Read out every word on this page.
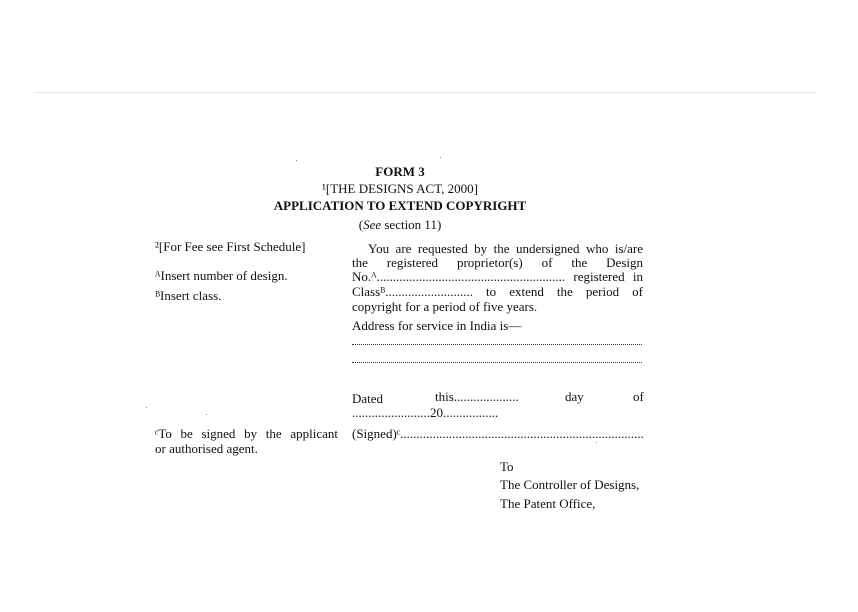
FORM 3
¹[THE DESIGNS ACT, 2000]
APPLICATION TO EXTEND COPYRIGHT
(See section 11)
²[For Fee see First Schedule]
ᴬInsert number of design.
ᴮInsert class.
ᶜTo be signed by the applicant
or authorised agent.
You are requested by the undersigned who is/are
the registered proprietor(s) of the Design
No.ᴬ.......................................................... registered in
Classᴮ........................... to extend the period of
copyright for a period of five years.
Address for service in India is—
Dated	this....................	day	of
........................20.................
(Signed)ᶜ...........................................................................
To
The Controller of Designs,
The Patent Office,
